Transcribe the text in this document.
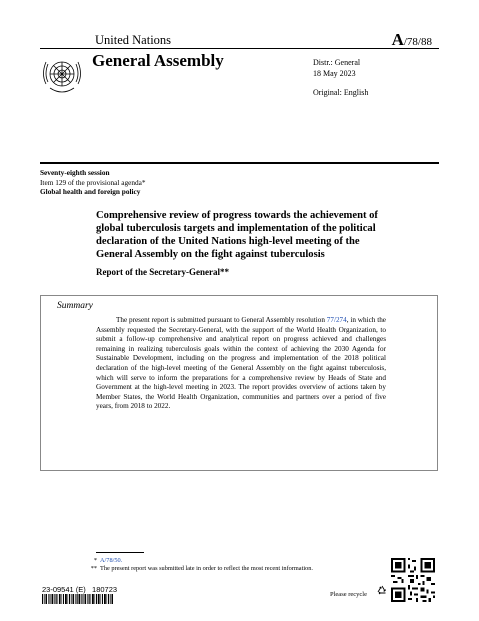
United Nations	A/78/88
General Assembly	Distr.: General
18 May 2023
Original: English
Seventy-eighth session
Item 129 of the provisional agenda*
Global health and foreign policy
Comprehensive review of progress towards the achievement of global tuberculosis targets and implementation of the political declaration of the United Nations high-level meeting of the General Assembly on the fight against tuberculosis
Report of the Secretary-General**
Summary
The present report is submitted pursuant to General Assembly resolution 77/274, in which the Assembly requested the Secretary-General, with the support of the World Health Organization, to submit a follow-up comprehensive and analytical report on progress achieved and challenges remaining in realizing tuberculosis goals within the context of achieving the 2030 Agenda for Sustainable Development, including on the progress and implementation of the 2018 political declaration of the high-level meeting of the General Assembly on the fight against tuberculosis, which will serve to inform the preparations for a comprehensive review by Heads of State and Government at the high-level meeting in 2023. The report provides overview of actions taken by Member States, the World Health Organization, communities and partners over a period of five years, from 2018 to 2022.
* A/78/50.
** The present report was submitted late in order to reflect the most recent information.
23-09541 (E)   180723
Please recycle
